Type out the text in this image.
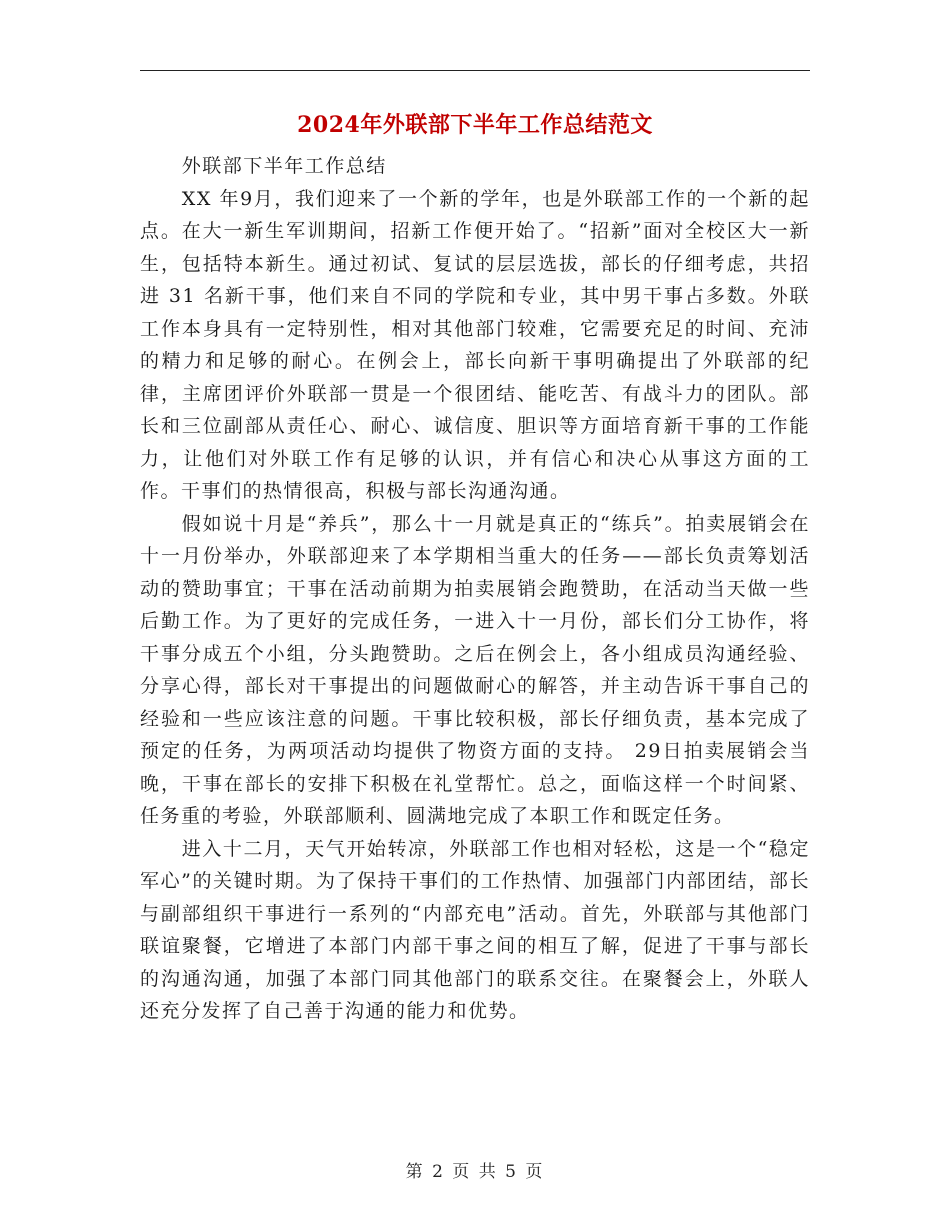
2024年外联部下半年工作总结范文

外联部下半年工作总结

XX 年9月，我们迎来了一个新的学年，也是外联部工作的一个新的起点。在大一新生军训期间，招新工作便开始了。“招新”面对全校区大一新生，包括特本新生。通过初试、复试的层层选拔，部长的仔细考虑，共招进 31 名新干事，他们来自不同的学院和专业，其中男干事占多数。外联工作本身具有一定特别性，相对其他部门较难，它需要充足的时间、充沛的精力和足够的耐心。在例会上，部长向新干事明确提出了外联部的纪律，主席团评价外联部一贯是一个很团结、能吃苦、有战斗力的团队。部长和三位副部从责任心、耐心、诚信度、胆识等方面培育新干事的工作能力，让他们对外联工作有足够的认识，并有信心和决心从事这方面的工作。干事们的热情很高，积极与部长沟通沟通。

假如说十月是“养兵”，那么十一月就是真正的“练兵”。拍卖展销会在十一月份举办，外联部迎来了本学期相当重大的任务——部长负责筹划活动的赞助事宜；干事在活动前期为拍卖展销会跑赞助，在活动当天做一些后勤工作。为了更好的完成任务，一进入十一月份，部长们分工协作，将干事分成五个小组，分头跑赞助。之后在例会上，各小组成员沟通经验、分享心得，部长对干事提出的问题做耐心的解答，并主动告诉干事自己的经验和一些应该注意的问题。干事比较积极，部长仔细负责，基本完成了预定的任务，为两项活动均提供了物资方面的支持。 29日拍卖展销会当晚，干事在部长的安排下积极在礼堂帮忙。总之，面临这样一个时间紧、任务重的考验，外联部顺利、圆满地完成了本职工作和既定任务。

进入十二月，天气开始转凉，外联部工作也相对轻松，这是一个“稳定军心”的关键时期。为了保持干事们的工作热情、加强部门内部团结，部长与副部组织干事进行一系列的“内部充电”活动。首先，外联部与其他部门联谊聚餐，它增进了本部门内部干事之间的相互了解，促进了干事与部长的沟通沟通，加强了本部门同其他部门的联系交往。在聚餐会上，外联人还充分发挥了自己善于沟通的能力和优势。

第 2 页 共 5 页
